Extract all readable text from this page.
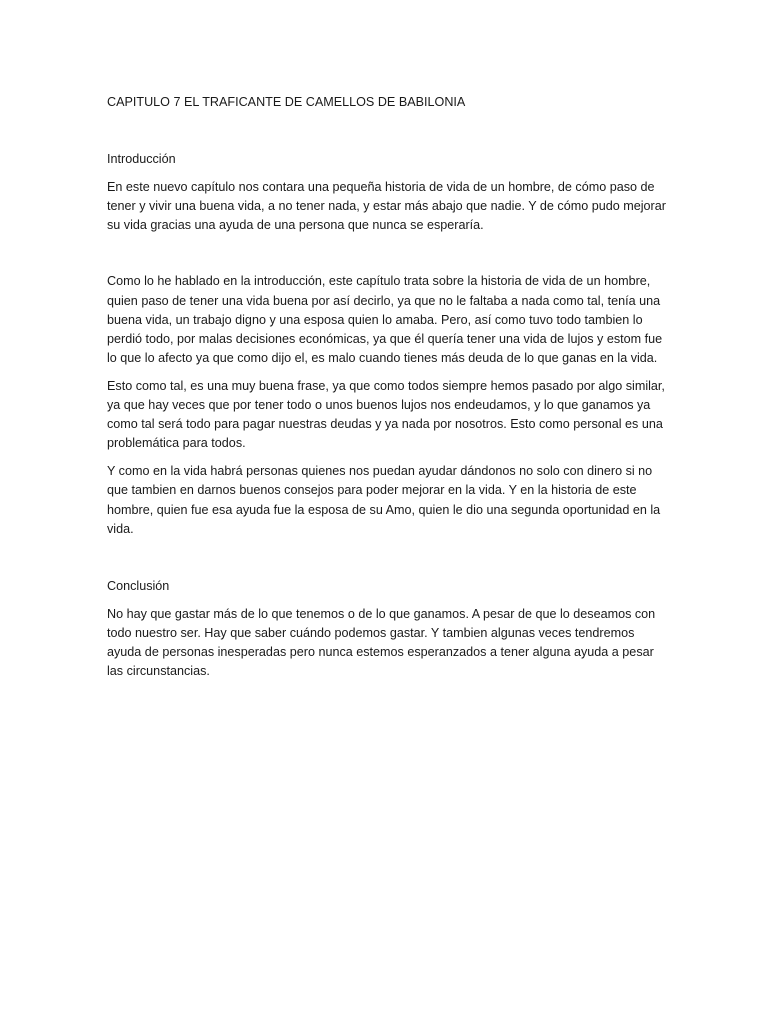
CAPITULO 7 EL TRAFICANTE DE CAMELLOS DE BABILONIA

Introducción

En este nuevo capítulo nos contara una pequeña historia de vida de un hombre, de cómo paso de tener y vivir una buena vida, a no tener nada, y estar más abajo que nadie. Y de cómo pudo mejorar su vida gracias una ayuda de una persona que nunca se esperaría.

Como lo he hablado en la introducción, este capítulo trata sobre la historia de vida de un hombre, quien paso de tener una vida buena por así decirlo, ya que no le faltaba a nada como tal, tenía una buena vida, un trabajo digno y una esposa quien lo amaba. Pero, así como tuvo todo tambien lo perdió todo, por malas decisiones económicas, ya que él quería tener una vida de lujos y estom fue lo que lo afecto ya que como dijo el, es malo cuando tienes más deuda de lo que ganas en la vida.

Esto como tal, es una muy buena frase, ya que como todos siempre hemos pasado por algo similar, ya que hay veces que por tener todo o unos buenos lujos nos endeudamos, y lo que ganamos ya como tal será todo para pagar nuestras deudas y ya nada por nosotros. Esto como personal es una problemática para todos.

Y como en la vida habrá personas quienes nos puedan ayudar dándonos no solo con dinero si no que tambien en darnos buenos consejos para poder mejorar en la vida. Y en la historia de este hombre, quien fue esa ayuda fue la esposa de su Amo, quien le dio una segunda oportunidad en la vida.

Conclusión

No hay que gastar más de lo que tenemos o de lo que ganamos. A pesar de que lo deseamos con todo nuestro ser. Hay que saber cuándo podemos gastar. Y tambien algunas veces tendremos ayuda de personas inesperadas pero nunca estemos esperanzados a tener alguna ayuda a pesar las circunstancias.
